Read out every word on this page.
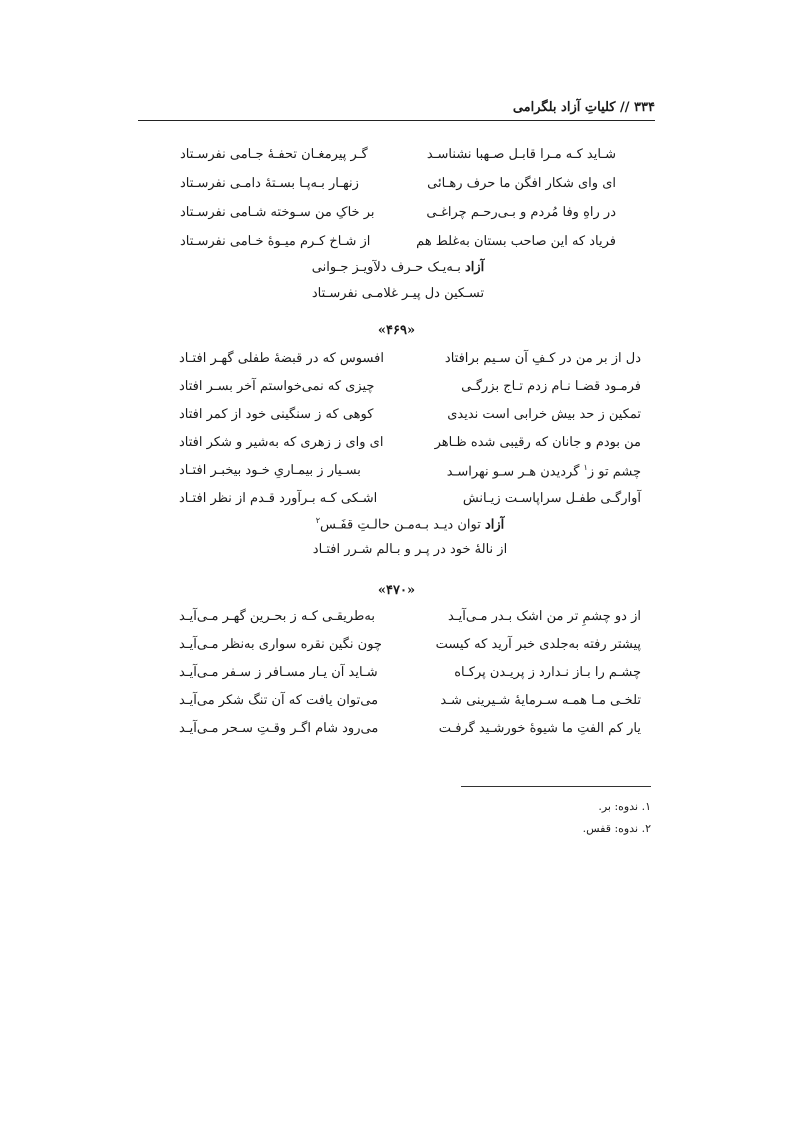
۳۳۴ // کلیاتِ آزاد بلگرامی
شـاید کـه مـرا قابـل صـهبا نشناسـد
گـر پیرمغـان تحفـهٔ جـامی نفرسـتاد
ای وای شکار افگن ما حرف رهـائی
زنهـار بـه‌پـا بسـتهٔ دامـی نفرسـتاد
در راهِ وفا مُردم و بـی‌رحـم چراغـی
بر خاکِ من سـوخته شـامی نفرسـتاد
فریاد که این صاحب بستان به‌غلط هم
از شـاخ کـرم میـوهٔ خـامی نفرسـتاد
آزاد بـه‌یـک حـرف دلآویـز جـوانی
تسـکین دل پیـر غلامـی نفرسـتاد
«۴۶۹»
دل از بر من در کـفِ آن سـیم برافتاد
افسوس که در قبضهٔ طفلی گهـر افتـاد
فرمـود قضـا نـام زدم تـاج بزرگـی
چیزی که نمی‌خواستم آخر بسـر افتاد
تمکین ز حد بیش خرابی است ندیدی
کوهی که ز سنگینی خود از کمر افتاد
من بودم و جانان که رقیبی شده ظـاهر
ای وای ز زهری که به‌شیر و شکر افتاد
چشم تو ز$^۱$ گردیدن هـر سـو نهراسـد
بسـیار ز بیمـاریِ خـود بیخبـر افتـاد
آوارگـی طفـل سراپاسـت زیـانش
اشـکی کـه بـرآورد قـدم از نظر افتـاد
آزاد توان دیـد بـه‌مـن حالـتِ قفَـس$^۲$
از نالهٔ خود در پـر و بـالم شـرر افتـاد
«۴۷۰»
از دو چشمِ تر من اشک بـدر مـی‌آیـد
به‌طریقـی کـه ز بحـرین گهـر مـی‌آیـد
پیشتر رفته به‌جلدی خبر آرید که کیست
چون نگین نقره سواری به‌نظر مـی‌آیـد
چشـم را بـاز نـدارد ز پریـدن پرکـاه
شـاید آن یـار مسـافر ز سـفر مـی‌آیـد
تلخـی مـا همـه سـرمایهٔ شـیرینی شـد
می‌توان یافت که آن تنگ شکر می‌آیـد
یار کم الفتِ ما شیوهٔ خورشـید گرفـت
می‌رود شام اگـر وقـتِ سـحر مـی‌آیـد
۱. ندوه: بر.
۲. ندوه: قفس.
